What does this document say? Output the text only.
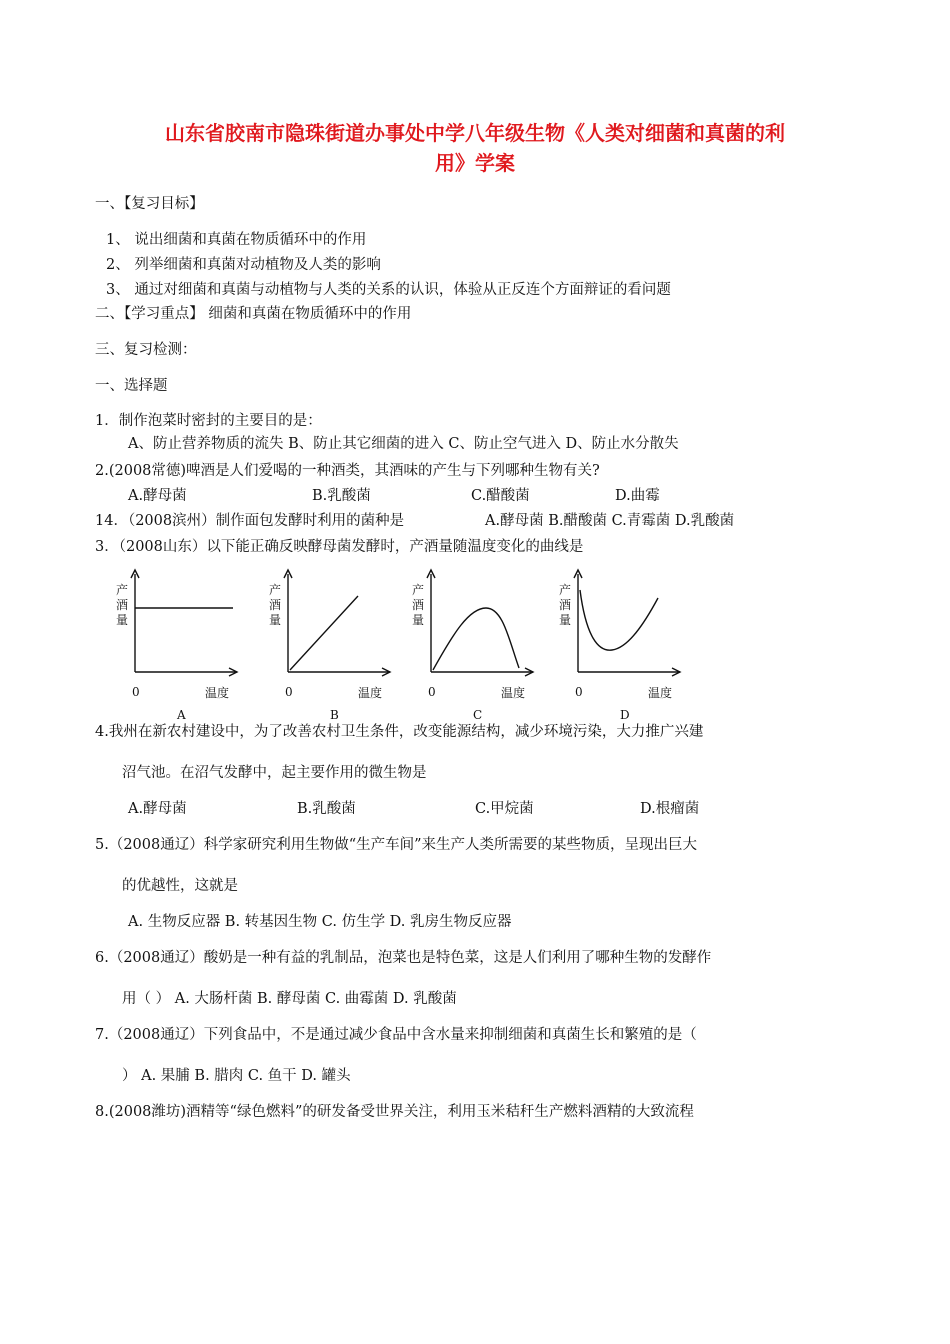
山东省胶南市隐珠街道办事处中学八年级生物《人类对细菌和真菌的利
用》学案
一、【复习目标】
1、 说出细菌和真菌在物质循环中的作用
2、 列举细菌和真菌对动植物及人类的影响
3、 通过对细菌和真菌与动植物与人类的关系的认识，体验从正反连个方面辩证的看问题
二、【学习重点】 细菌和真菌在物质循环中的作用
三、复习检测：
一、选择题
1．制作泡菜时密封的主要目的是：
A、防止营养物质的流失 B、防止其它细菌的进入 C、防止空气进入 D、防止水分散失
2.(2008常德)啤酒是人们爱喝的一种酒类，其酒味的产生与下列哪种生物有关?
A.酵母菌	B.乳酸菌	C.醋酸菌	D.曲霉
14．（2008滨州）制作面包发酵时利用的菌种是	A.酵母菌 B.醋酸菌 C.青霉菌 D.乳酸菌
3．（2008山东）以下能正确反映酵母菌发酵时，产酒量随温度变化的曲线是
产酒量
0	温度
A
产酒量
0	温度
B
产酒量
0	温度
C
产酒量
0	温度
D
4.我州在新农村建设中，为了改善农村卫生条件，改变能源结构，减少环境污染，大力推广兴建
沼气池。在沼气发酵中，起主要作用的微生物是
A.酵母菌	B.乳酸菌	C.甲烷菌	D.根瘤菌
5.（2008通辽）科学家研究利用生物做“生产车间”来生产人类所需要的某些物质，呈现出巨大
的优越性，这就是
A. 生物反应器 B. 转基因生物 C. 仿生学 D. 乳房生物反应器
6.（2008通辽）酸奶是一种有益的乳制品，泡菜也是特色菜，这是人们利用了哪种生物的发酵作
用（ ） A. 大肠杆菌 B. 酵母菌 C. 曲霉菌 D. 乳酸菌
7.（2008通辽）下列食品中，不是通过减少食品中含水量来抑制细菌和真菌生长和繁殖的是（
） A. 果脯 B. 腊肉 C. 鱼干 D. 罐头
8.(2008潍坊)酒精等“绿色燃料”的研发备受世界关注，利用玉米秸秆生产燃料酒精的大致流程
